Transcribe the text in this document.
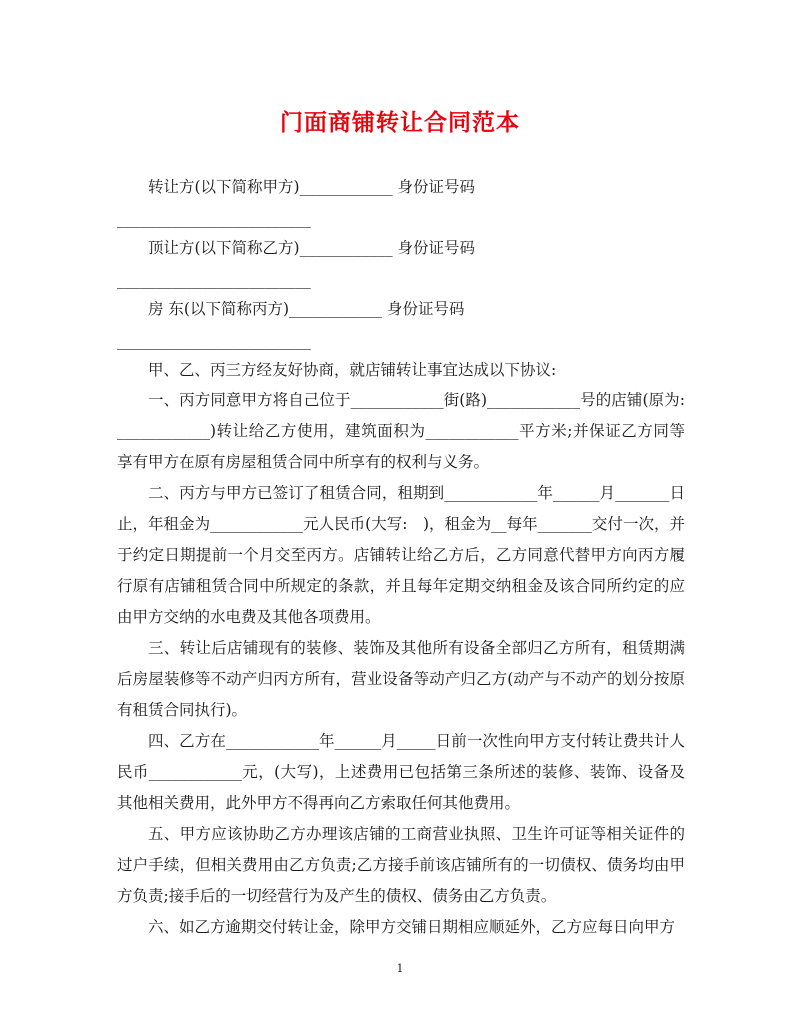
门面商铺转让合同范本
转让方(以下简称甲方)____________ 身份证号码
_________________________
顶让方(以下简称乙方)____________ 身份证号码
_________________________
房 东(以下简称丙方)____________ 身份证号码
_________________________
甲、乙、丙三方经友好协商，就店铺转让事宜达成以下协议:
一、丙方同意甲方将自己位于____________街(路)____________号的店铺(原为: ____________)转让给乙方使用，建筑面积为____________平方米;并保证乙方同等享有甲方在原有房屋租赁合同中所享有的权利与义务。
二、丙方与甲方已签订了租赁合同，租期到____________年______月_______日止，年租金为____________元人民币(大写:　)，租金为__每年_______交付一次，并于约定日期提前一个月交至丙方。店铺转让给乙方后，乙方同意代替甲方向丙方履行原有店铺租赁合同中所规定的条款，并且每年定期交纳租金及该合同所约定的应由甲方交纳的水电费及其他各项费用。
三、转让后店铺现有的装修、装饰及其他所有设备全部归乙方所有，租赁期满后房屋装修等不动产归丙方所有，营业设备等动产归乙方(动产与不动产的划分按原有租赁合同执行)。
四、乙方在____________年______月_____日前一次性向甲方支付转让费共计人民币____________元，(大写)，上述费用已包括第三条所述的装修、装饰、设备及其他相关费用，此外甲方不得再向乙方索取任何其他费用。
五、甲方应该协助乙方办理该店铺的工商营业执照、卫生许可证等相关证件的过户手续，但相关费用由乙方负责;乙方接手前该店铺所有的一切债权、债务均由甲方负责;接手后的一切经营行为及产生的债权、债务由乙方负责。
六、如乙方逾期交付转让金，除甲方交铺日期相应顺延外，乙方应每日向甲方
1
